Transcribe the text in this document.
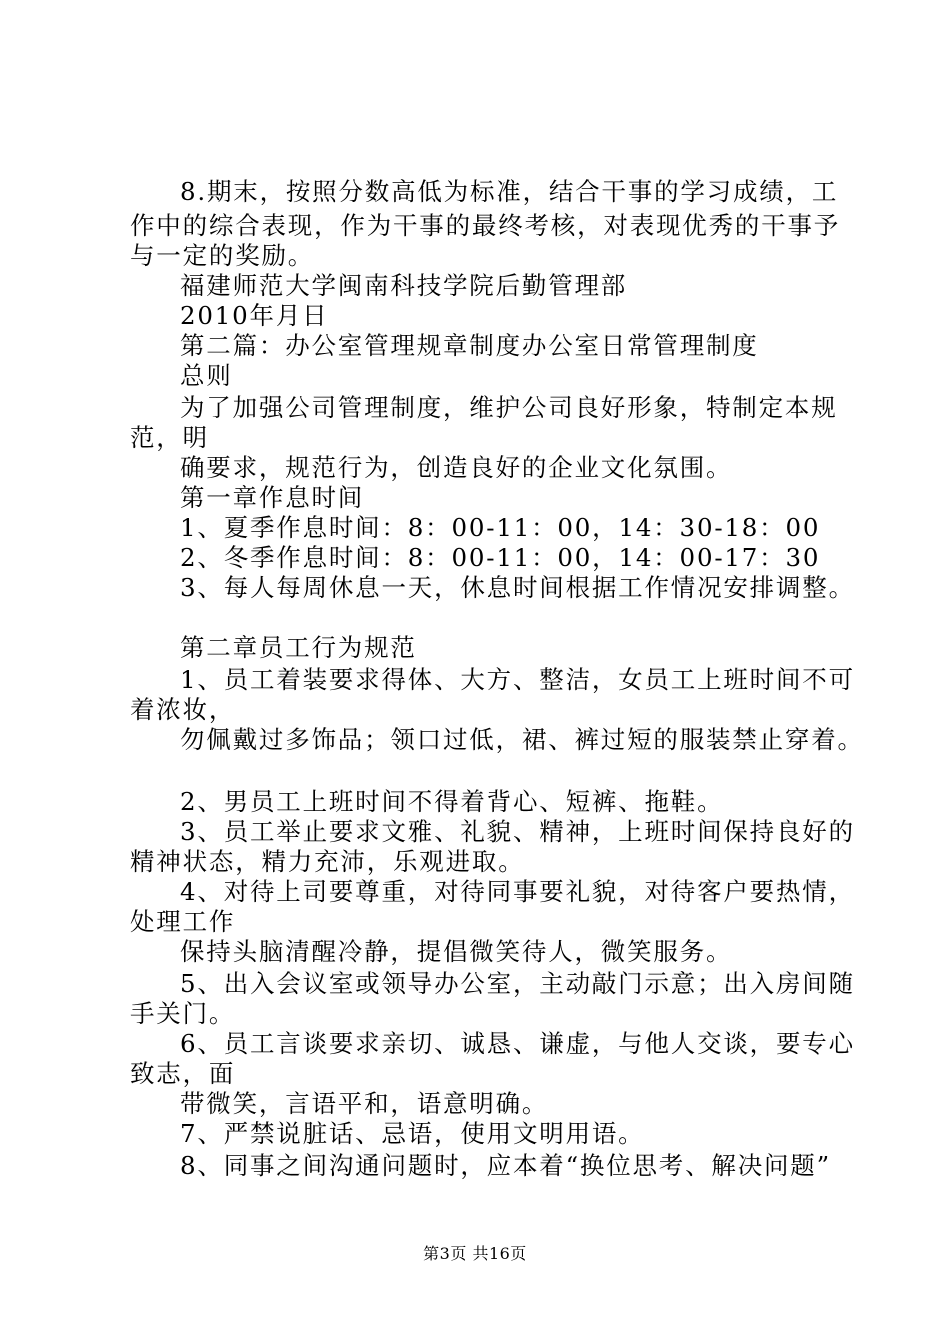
8.期末，按照分数高低为标准，结合干事的学习成绩，工
作中的综合表现，作为干事的最终考核，对表现优秀的干事予
与一定的奖励。
福建师范大学闽南科技学院后勤管理部
2010年月日
第二篇：办公室管理规章制度办公室日常管理制度
总则
为了加强公司管理制度，维护公司良好形象，特制定本规
范，明
确要求，规范行为，创造良好的企业文化氛围。
第一章作息时间
1、夏季作息时间：8：00-11：00，14：30-18：00
2、冬季作息时间：8：00-11：00，14：00-17：30
3、每人每周休息一天，休息时间根据工作情况安排调整。
第二章员工行为规范
1、员工着装要求得体、大方、整洁，女员工上班时间不可
着浓妆，
勿佩戴过多饰品；领口过低，裙、裤过短的服装禁止穿着。
2、男员工上班时间不得着背心、短裤、拖鞋。
3、员工举止要求文雅、礼貌、精神，上班时间保持良好的
精神状态，精力充沛，乐观进取。
4、对待上司要尊重，对待同事要礼貌，对待客户要热情，
处理工作
保持头脑清醒冷静，提倡微笑待人，微笑服务。
5、出入会议室或领导办公室，主动敲门示意；出入房间随
手关门。
6、员工言谈要求亲切、诚恳、谦虚，与他人交谈，要专心
致志，面
带微笑，言语平和，语意明确。
7、严禁说脏话、忌语，使用文明用语。
8、同事之间沟通问题时，应本着“换位思考、解决问题”
第3页 共16页
